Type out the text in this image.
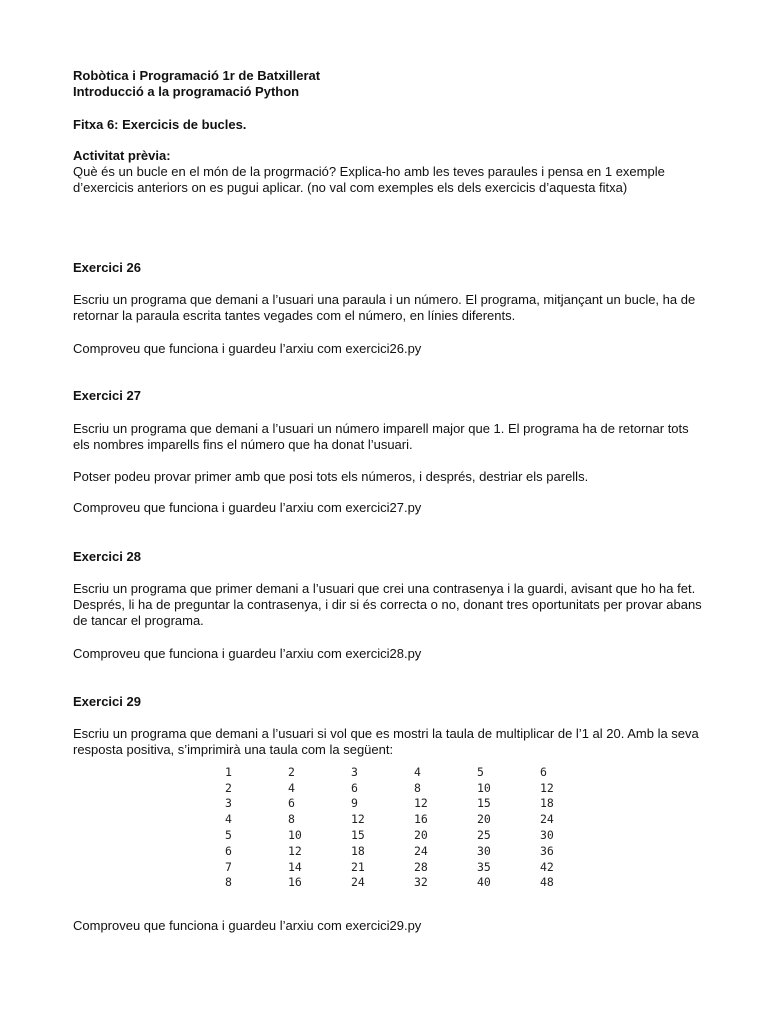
Robòtica i Programació 1r de Batxillerat
Introducció a la programació Python
Fitxa 6: Exercicis de bucles.
Activitat prèvia:
Què és un bucle en el món de la progrmació? Explica-ho amb les teves paraules i pensa en 1 exemple d’exercicis anteriors on es pugui aplicar. (no val com exemples els dels exercicis d’aquesta fitxa)
Exercici 26
Escriu un programa que demani a l’usuari una paraula i un número. El programa, mitjançant un bucle, ha de retornar la paraula escrita tantes vegades com el número, en línies diferents.
Comproveu que funciona i guardeu l’arxiu com exercici26.py
Exercici 27
Escriu un programa que demani a l’usuari un número imparell major que 1. El programa ha de retornar tots els nombres imparells fins el número que ha donat l’usuari.
Potser podeu provar primer amb que posi tots els números, i després, destriar els parells.
Comproveu que funciona i guardeu l’arxiu com exercici27.py
Exercici 28
Escriu un programa que primer demani a l’usuari que crei una contrasenya i la guardi, avisant que ho ha fet. Després, li ha de preguntar la contrasenya, i dir si és correcta o no, donant tres oportunitats per provar abans de tancar el programa.
Comproveu que funciona i guardeu l’arxiu com exercici28.py
Exercici 29
Escriu un programa que demani a l’usuari si vol que es mostri la taula de multiplicar de l’1 al 20. Amb la seva resposta positiva, s’imprimirà una taula com la següent:
1	2	3	4	5	6
2	4	6	8	10	12
3	6	9	12	15	18
4	8	12	16	20	24
5	10	15	20	25	30
6	12	18	24	30	36
7	14	21	28	35	42
8	16	24	32	40	48
Comproveu que funciona i guardeu l’arxiu com exercici29.py
